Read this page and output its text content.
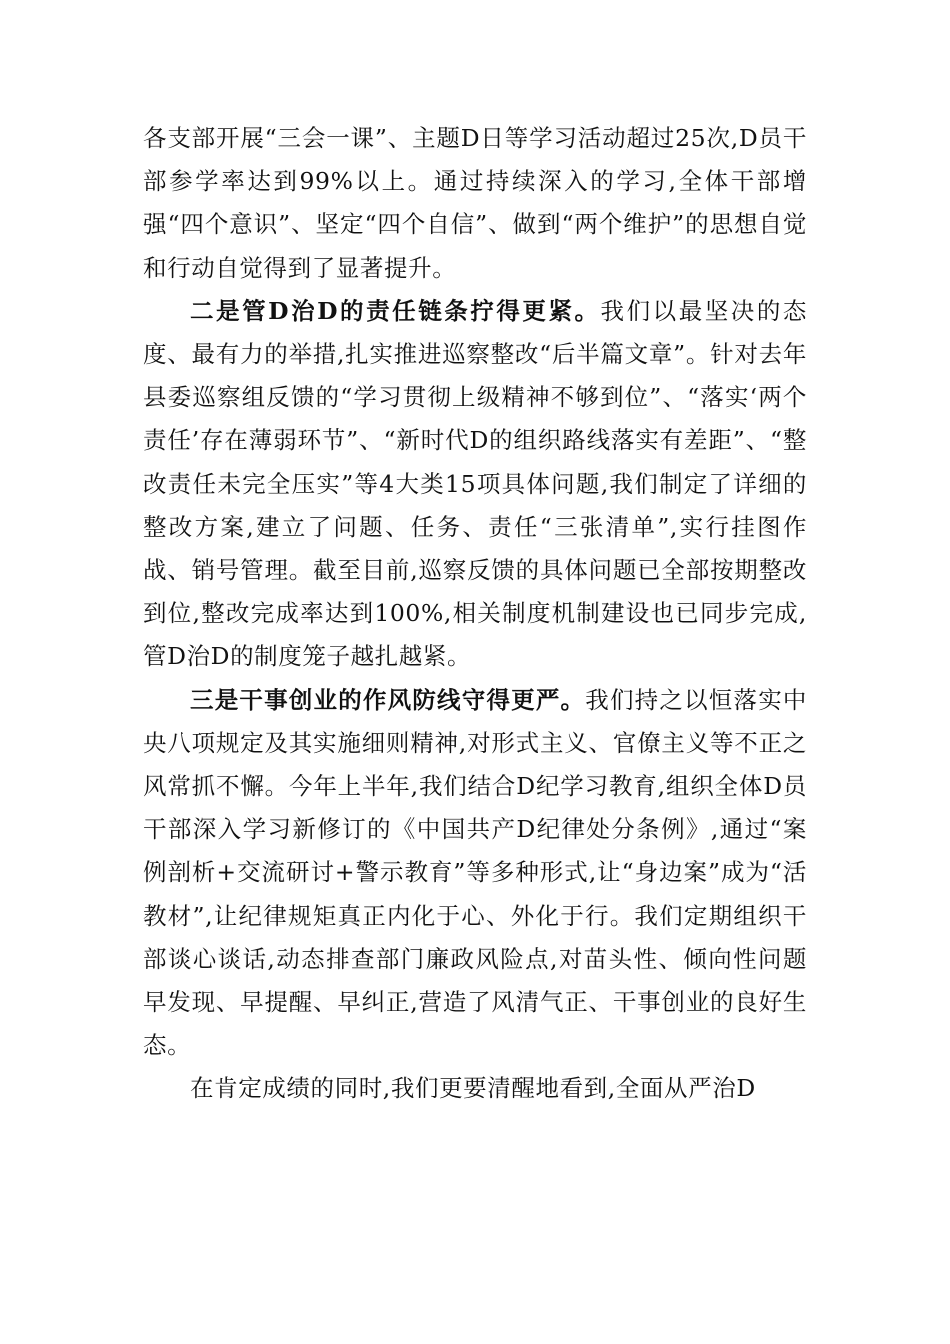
各支部开展“三会一课”、主题D日等学习活动超过25次,D员干部参学率达到99%以上。通过持续深入的学习,全体干部增强“四个意识”、坚定“四个自信”、做到“两个维护”的思想自觉和行动自觉得到了显著提升。

二是管D治D的责任链条拧得更紧。我们以最坚决的态度、最有力的举措,扎实推进巡察整改“后半篇文章”。针对去年县委巡察组反馈的“学习贯彻上级精神不够到位”、“落实‘两个责任’存在薄弱环节”、“新时代D的组织路线落实有差距”、“整改责任未完全压实”等4大类15项具体问题,我们制定了详细的整改方案,建立了问题、任务、责任“三张清单”,实行挂图作战、销号管理。截至目前,巡察反馈的具体问题已全部按期整改到位,整改完成率达到100%,相关制度机制建设也已同步完成,管D治D的制度笼子越扎越紧。

三是干事创业的作风防线守得更严。我们持之以恒落实中央八项规定及其实施细则精神,对形式主义、官僚主义等不正之风常抓不懈。今年上半年,我们结合D纪学习教育,组织全体D员干部深入学习新修订的《中国共产D纪律处分条例》,通过“案例剖析+交流研讨+警示教育”等多种形式,让“身边案”成为“活教材”,让纪律规矩真正内化于心、外化于行。我们定期组织干部谈心谈话,动态排查部门廉政风险点,对苗头性、倾向性问题早发现、早提醒、早纠正,营造了风清气正、干事创业的良好生态。

在肯定成绩的同时,我们更要清醒地看到,全面从严治D
